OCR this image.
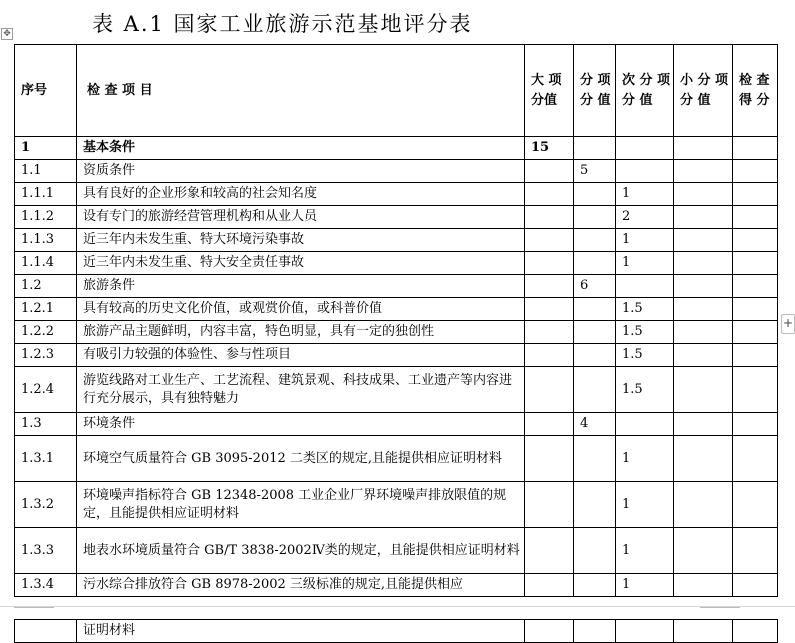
表 A.1 国家工业旅游示范基地评分表
✥
+
序号	检 查 项 目	大 项 分值	分 项 分 值	次 分 项 分 值	小 分 项 分 值	检 查 得 分
1	基本条件	15				
1.1	资质条件		5			
1.1.1	具有良好的企业形象和较高的社会知名度			1		
1.1.2	设有专门的旅游经营管理机构和从业人员			2		
1.1.3	近三年内未发生重、特大环境污染事故			1		
1.1.4	近三年内未发生重、特大安全责任事故			1		
1.2	旅游条件		6			
1.2.1	具有较高的历史文化价值，或观赏价值，或科普价值			1.5		
1.2.2	旅游产品主题鲜明，内容丰富，特色明显，具有一定的独创性			1.5		
1.2.3	有吸引力较强的体验性、参与性项目			1.5		
1.2.4	游览线路对工业生产、工艺流程、建筑景观、科技成果、工业遗产等内容进行充分展示，具有独特魅力			1.5		
1.3	环境条件		4			
1.3.1	环境空气质量符合 GB 3095-2012 二类区的规定,且能提供相应证明材料			1		
1.3.2	环境噪声指标符合 GB 12348-2008 工业企业厂界环境噪声排放限值的规定，且能提供相应证明材料			1		
1.3.3	地表水环境质量符合 GB/T 3838-2002Ⅳ类的规定，且能提供相应证明材料			1		
1.3.4	污水综合排放符合 GB 8978-2002 三级标准的规定,且能提供相应			1		
	证明材料					
